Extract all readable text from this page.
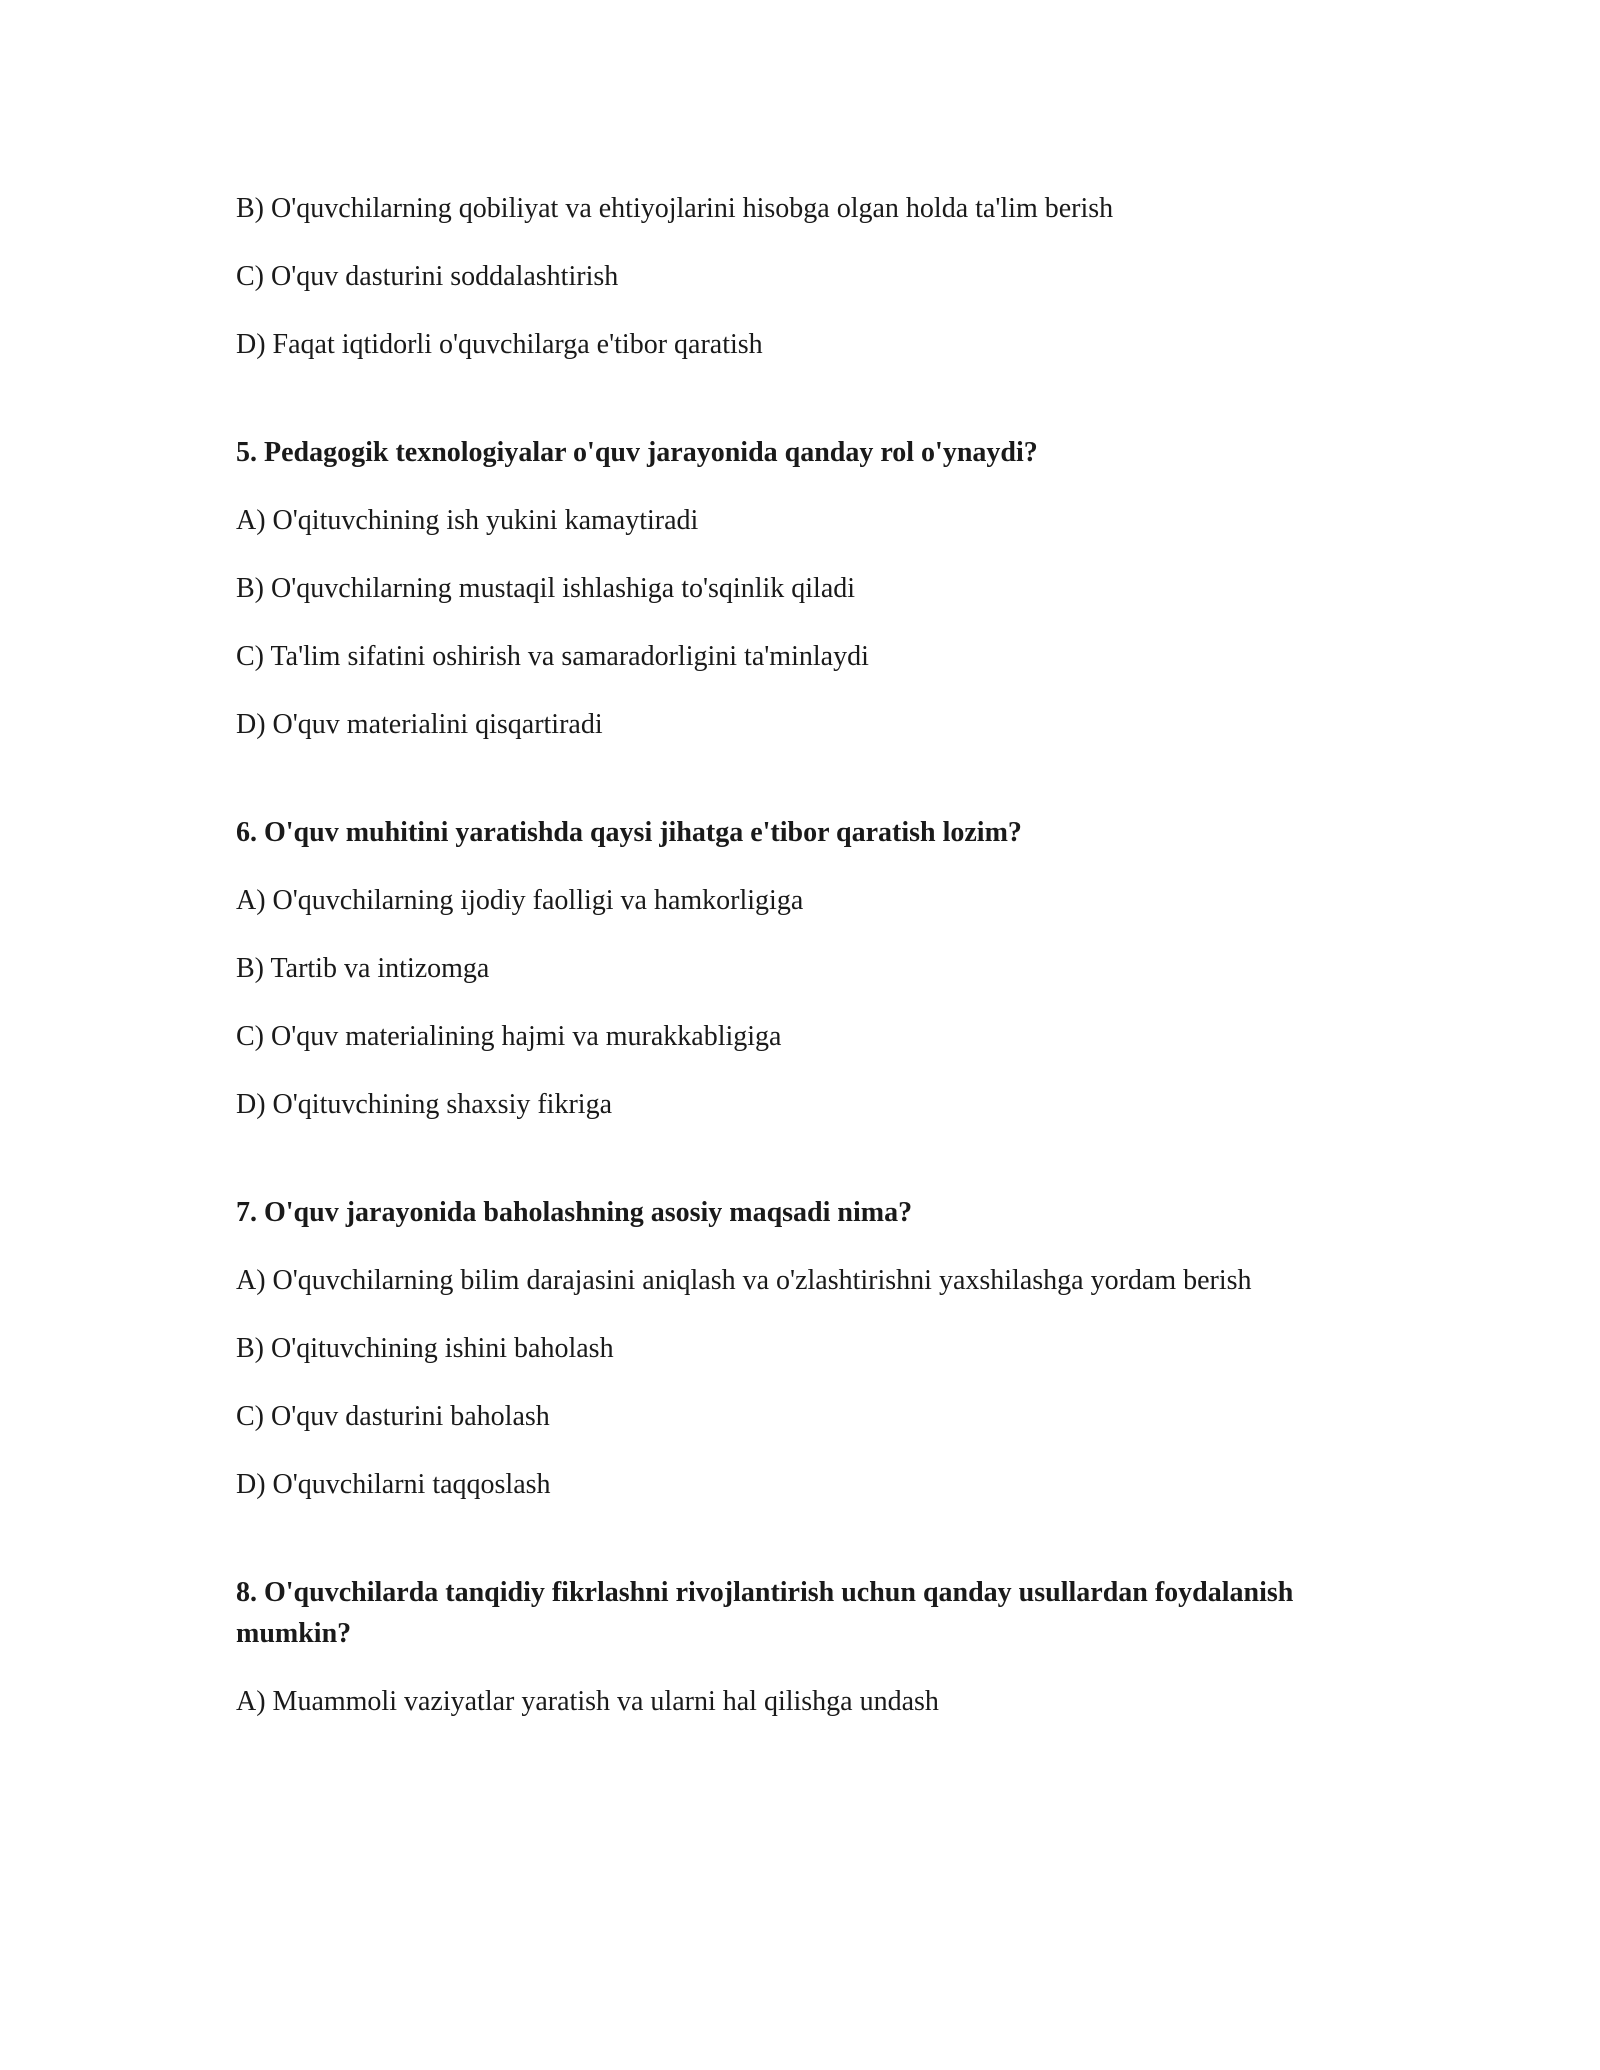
B) O'quvchilarning qobiliyat va ehtiyojlarini hisobga olgan holda ta'lim berish

C) O'quv dasturini soddalashtirish

D) Faqat iqtidorli o'quvchilarga e'tibor qaratish

5. Pedagogik texnologiyalar o'quv jarayonida qanday rol o'ynaydi?

A) O'qituvchining ish yukini kamaytiradi

B) O'quvchilarning mustaqil ishlashiga to'sqinlik qiladi

C) Ta'lim sifatini oshirish va samaradorligini ta'minlaydi

D) O'quv materialini qisqartiradi

6. O'quv muhitini yaratishda qaysi jihatga e'tibor qaratish lozim?

A) O'quvchilarning ijodiy faolligi va hamkorligiga

B) Tartib va intizomga

C) O'quv materialining hajmi va murakkabligiga

D) O'qituvchining shaxsiy fikriga

7. O'quv jarayonida baholashning asosiy maqsadi nima?

A) O'quvchilarning bilim darajasini aniqlash va o'zlashtirishni yaxshilashga yordam berish

B) O'qituvchining ishini baholash

C) O'quv dasturini baholash

D) O'quvchilarni taqqoslash

8. O'quvchilarda tanqidiy fikrlashni rivojlantirish uchun qanday usullardan foydalanish mumkin?

A) Muammoli vaziyatlar yaratish va ularni hal qilishga undash
